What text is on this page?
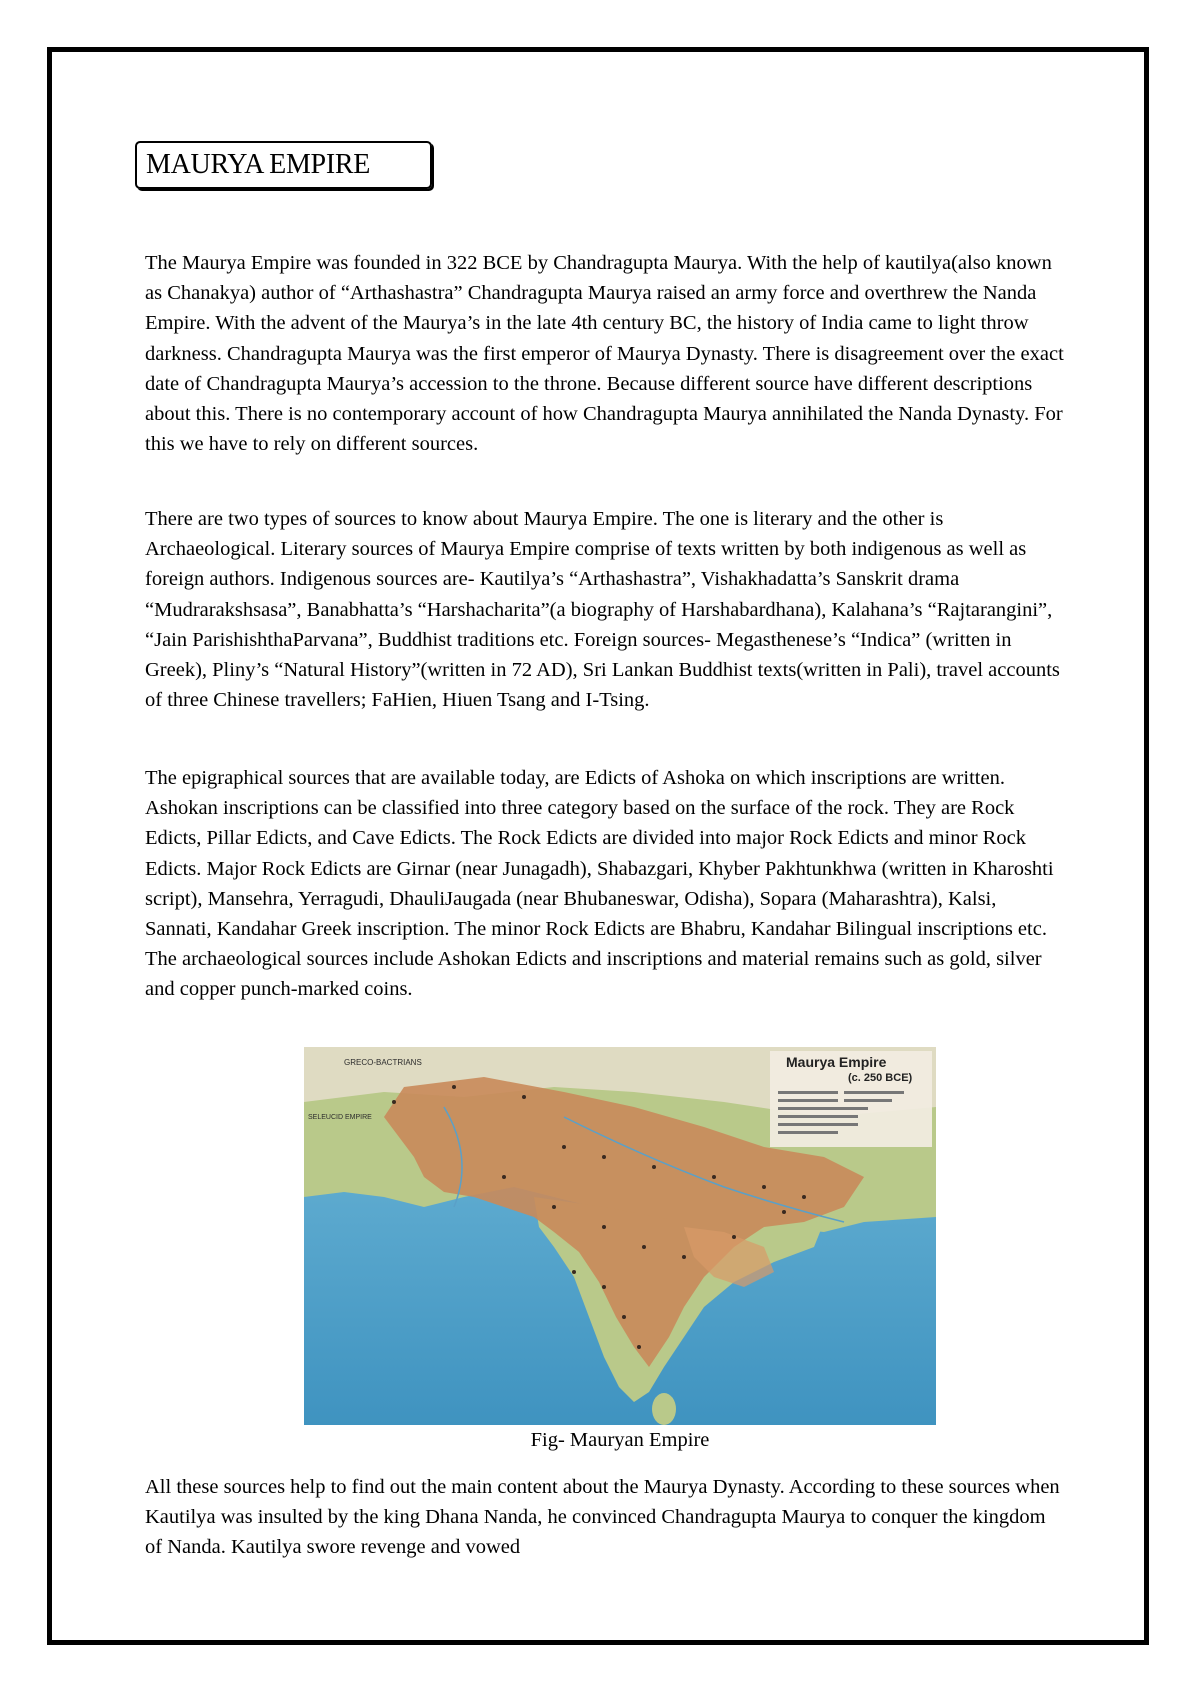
MAURYA EMPIRE

The Maurya Empire was founded in 322 BCE by Chandragupta Maurya. With the help of kautilya(also known as Chanakya) author of “Arthashastra” Chandragupta Maurya raised an army force and overthrew the Nanda Empire. With the advent of the Maurya’s in the late 4th century BC, the history of India came to light throw darkness. Chandragupta Maurya was the first emperor of Maurya Dynasty. There is disagreement over the exact date of Chandragupta Maurya’s accession to the throne. Because different source have different descriptions about this. There is no contemporary account of how Chandragupta Maurya annihilated the Nanda Dynasty. For this we have to rely on different sources.

There are two types of sources to know about Maurya Empire. The one is literary and the other is Archaeological. Literary sources of Maurya Empire comprise of texts written by both indigenous as well as foreign authors. Indigenous sources are- Kautilya’s “Arthashastra”, Vishakhadatta’s Sanskrit drama “Mudrarakshsasa”, Banabhatta’s “Harshacharita”(a biography of Harshabardhana), Kalahana’s “Rajtarangini”, “Jain ParishishthaParvana”, Buddhist traditions etc. Foreign sources- Megasthenese’s “Indica” (written in Greek), Pliny’s “Natural History”(written in 72 AD), Sri Lankan Buddhist texts(written in Pali), travel accounts of three Chinese travellers; FaHien, Hiuen Tsang and I-Tsing.

The epigraphical sources that are available today, are Edicts of Ashoka on which inscriptions are written. Ashokan inscriptions can be classified into three category based on the surface of the rock. They are Rock Edicts, Pillar Edicts, and Cave Edicts. The Rock Edicts are divided into major Rock Edicts and minor Rock Edicts. Major Rock Edicts are Girnar (near Junagadh), Shabazgari, Khyber Pakhtunkhwa (written in Kharoshti script), Mansehra, Yerragudi, DhauliJaugada (near Bhubaneswar, Odisha), Sopara (Maharashtra), Kalsi, Sannati, Kandahar Greek inscription. The minor Rock Edicts are Bhabru, Kandahar Bilingual inscriptions etc. The archaeological sources include Ashokan Edicts and inscriptions and material remains such as gold, silver and copper punch-marked coins.

GRECO-BACTRIANS
SELEUCID EMPIRE
Maurya Empire
(c. 250 BCE)
Fig- Mauryan Empire

All these sources help to find out the main content about the Maurya Dynasty. According to these sources when Kautilya was insulted by the king Dhana Nanda, he convinced Chandragupta Maurya to conquer the kingdom of Nanda. Kautilya swore revenge and vowed
